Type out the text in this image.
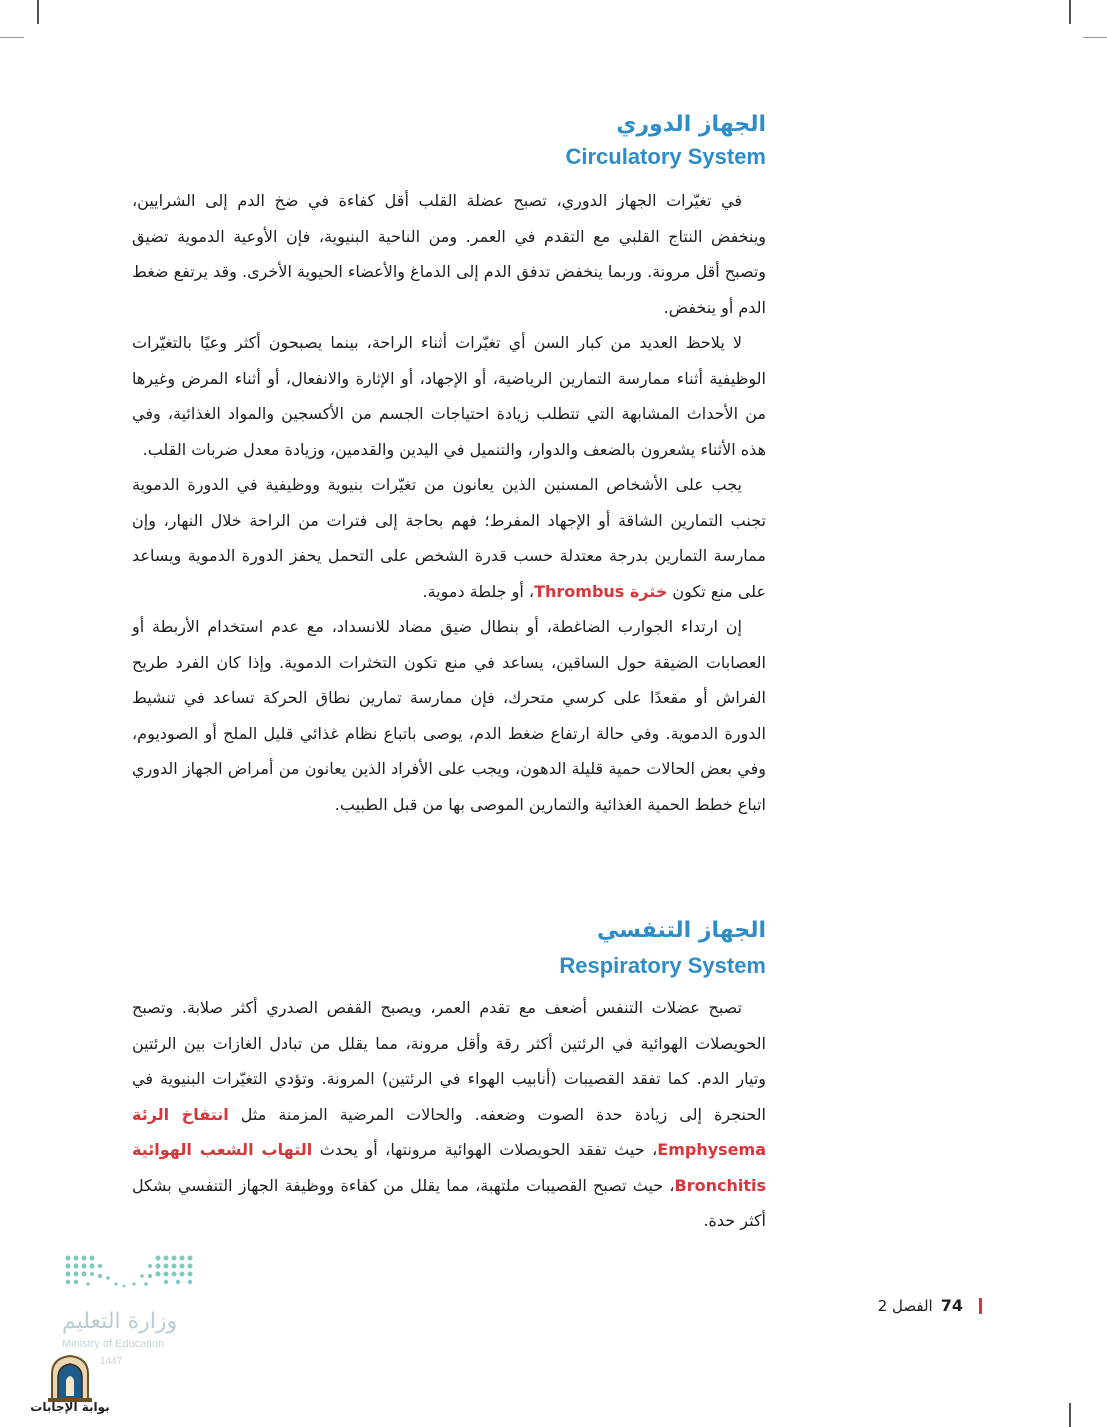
الجهاز الدوري
Circulatory System

في تغيّرات الجهاز الدوري، تصبح عضلة القلب أقل كفاءة في ضخ الدم إلى الشرايين، وينخفض النتاج القلبي مع التقدم في العمر. ومن الناحية البنيوية، فإن الأوعية الدموية تضيق وتصبح أقل مرونة. وربما ينخفض تدفق الدم إلى الدماغ والأعضاء الحيوية الأخرى. وقد يرتفع ضغط الدم أو ينخفض.

لا يلاحظ العديد من كبار السن أي تغيّرات أثناء الراحة، بينما يصبحون أكثر وعيًا بالتغيّرات الوظيفية أثناء ممارسة التمارين الرياضية، أو الإجهاد، أو الإثارة والانفعال، أو أثناء المرض وغيرها من الأحداث المشابهة التي تتطلب زيادة احتياجات الجسم من الأكسجين والمواد الغذائية، وفي هذه الأثناء يشعرون بالضعف والدوار، والتنميل في اليدين والقدمين، وزيادة معدل ضربات القلب.

يجب على الأشخاص المسنين الذين يعانون من تغيّرات بنيوية ووظيفية في الدورة الدموية تجنب التمارين الشاقة أو الإجهاد المفرط؛ فهم بحاجة إلى فترات من الراحة خلال النهار، وإن ممارسة التمارين بدرجة معتدلة حسب قدرة الشخص على التحمل يحفز الدورة الدموية ويساعد على منع تكون خثرة Thrombus، أو جلطة دموية.

إن ارتداء الجوارب الضاغطة، أو بنطال ضيق مضاد للانسداد، مع عدم استخدام الأربطة أو العصابات الضيقة حول الساقين، يساعد في منع تكون التخثرات الدموية. وإذا كان الفرد طريح الفراش أو مقعدًا على كرسي متحرك، فإن ممارسة تمارين نطاق الحركة تساعد في تنشيط الدورة الدموية. وفي حالة ارتفاع ضغط الدم، يوصى باتباع نظام غذائي قليل الملح أو الصوديوم، وفي بعض الحالات حمية قليلة الدهون، ويجب على الأفراد الذين يعانون من أمراض الجهاز الدوري اتباع خطط الحمية الغذائية والتمارين الموصى بها من قبل الطبيب.

الجهاز التنفسي
Respiratory System

تصبح عضلات التنفس أضعف مع تقدم العمر، ويصبح القفص الصدري أكثر صلابة. وتصبح الحويصلات الهوائية في الرئتين أكثر رقة وأقل مرونة، مما يقلل من تبادل الغازات بين الرئتين وتيار الدم. كما تفقد القصيبات (أنابيب الهواء في الرئتين) المرونة. وتؤدي التغيّرات البنيوية في الحنجرة إلى زيادة حدة الصوت وضعفه. والحالات المرضية المزمنة مثل انتفاخ الرئة Emphysema، حيث تفقد الحويصلات الهوائية مرونتها، أو يحدث التهاب الشعب الهوائية Bronchitis، حيث تصبح القصيبات ملتهبة، مما يقلل من كفاءة ووظيفة الجهاز التنفسي بشكل أكثر حدة.

74
الفصل 2
وزارة التعليم
Ministry of Education
1447
بوابة الإجابات
